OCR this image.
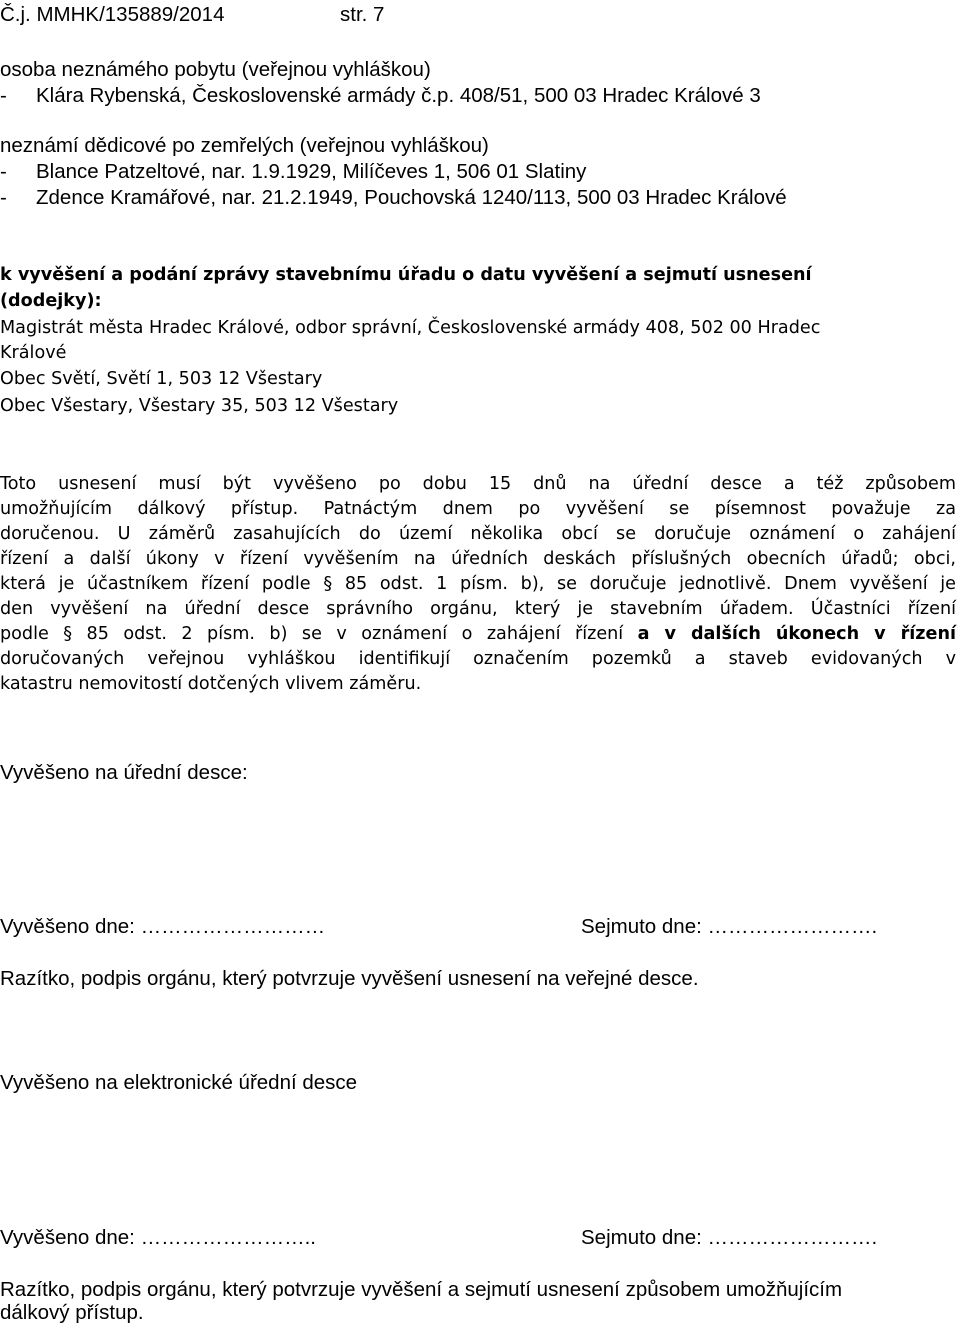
Č.j. MMHK/135889/2014	str. 7
osoba neznámého pobytu (veřejnou vyhláškou)
- Klára Rybenská, Československé armády č.p. 408/51, 500 03 Hradec Králové 3
neznámí dědicové po zemřelých (veřejnou vyhláškou)
- Blance Patzeltové, nar. 1.9.1929, Milíčeves 1, 506 01 Slatiny
- Zdence Kramářové, nar. 21.2.1949, Pouchovská 1240/113, 500 03 Hradec Králové
k vyvěšení a podání zprávy stavebnímu úřadu o datu vyvěšení a sejmutí usnesení
(dodejky):
Magistrát města Hradec Králové, odbor správní, Československé armády 408, 502 00 Hradec
Králové
Obec Světí, Světí 1, 503 12 Všestary
Obec Všestary, Všestary 35, 503 12 Všestary
Toto usnesení musí být vyvěšeno po dobu 15 dnů na úřední desce a též způsobem
umožňujícím dálkový přístup. Patnáctým dnem po vyvěšení se písemnost považuje za
doručenou. U záměrů zasahujících do území několika obcí se doručuje oznámení o zahájení
řízení a další úkony v řízení vyvěšením na úředních deskách příslušných obecních úřadů; obci,
která je účastníkem řízení podle § 85 odst. 1 písm. b), se doručuje jednotlivě. Dnem vyvěšení je
den vyvěšení na úřední desce správního orgánu, který je stavebním úřadem. Účastníci řízení
podle § 85 odst. 2 písm. b) se v oznámení o zahájení řízení a v dalších úkonech v řízení
doručovaných veřejnou vyhláškou identifikují označením pozemků a staveb evidovaných v
katastru nemovitostí dotčených vlivem záměru.
Vyvěšeno na úřední desce:
Vyvěšeno dne: ………………………	Sejmuto dne: …………………….
Razítko, podpis orgánu, který potvrzuje vyvěšení usnesení na veřejné desce.
Vyvěšeno na elektronické úřední desce
Vyvěšeno dne: ……………………..	Sejmuto dne: …………………….
Razítko, podpis orgánu, který potvrzuje vyvěšení a sejmutí usnesení způsobem umožňujícím
dálkový přístup.
